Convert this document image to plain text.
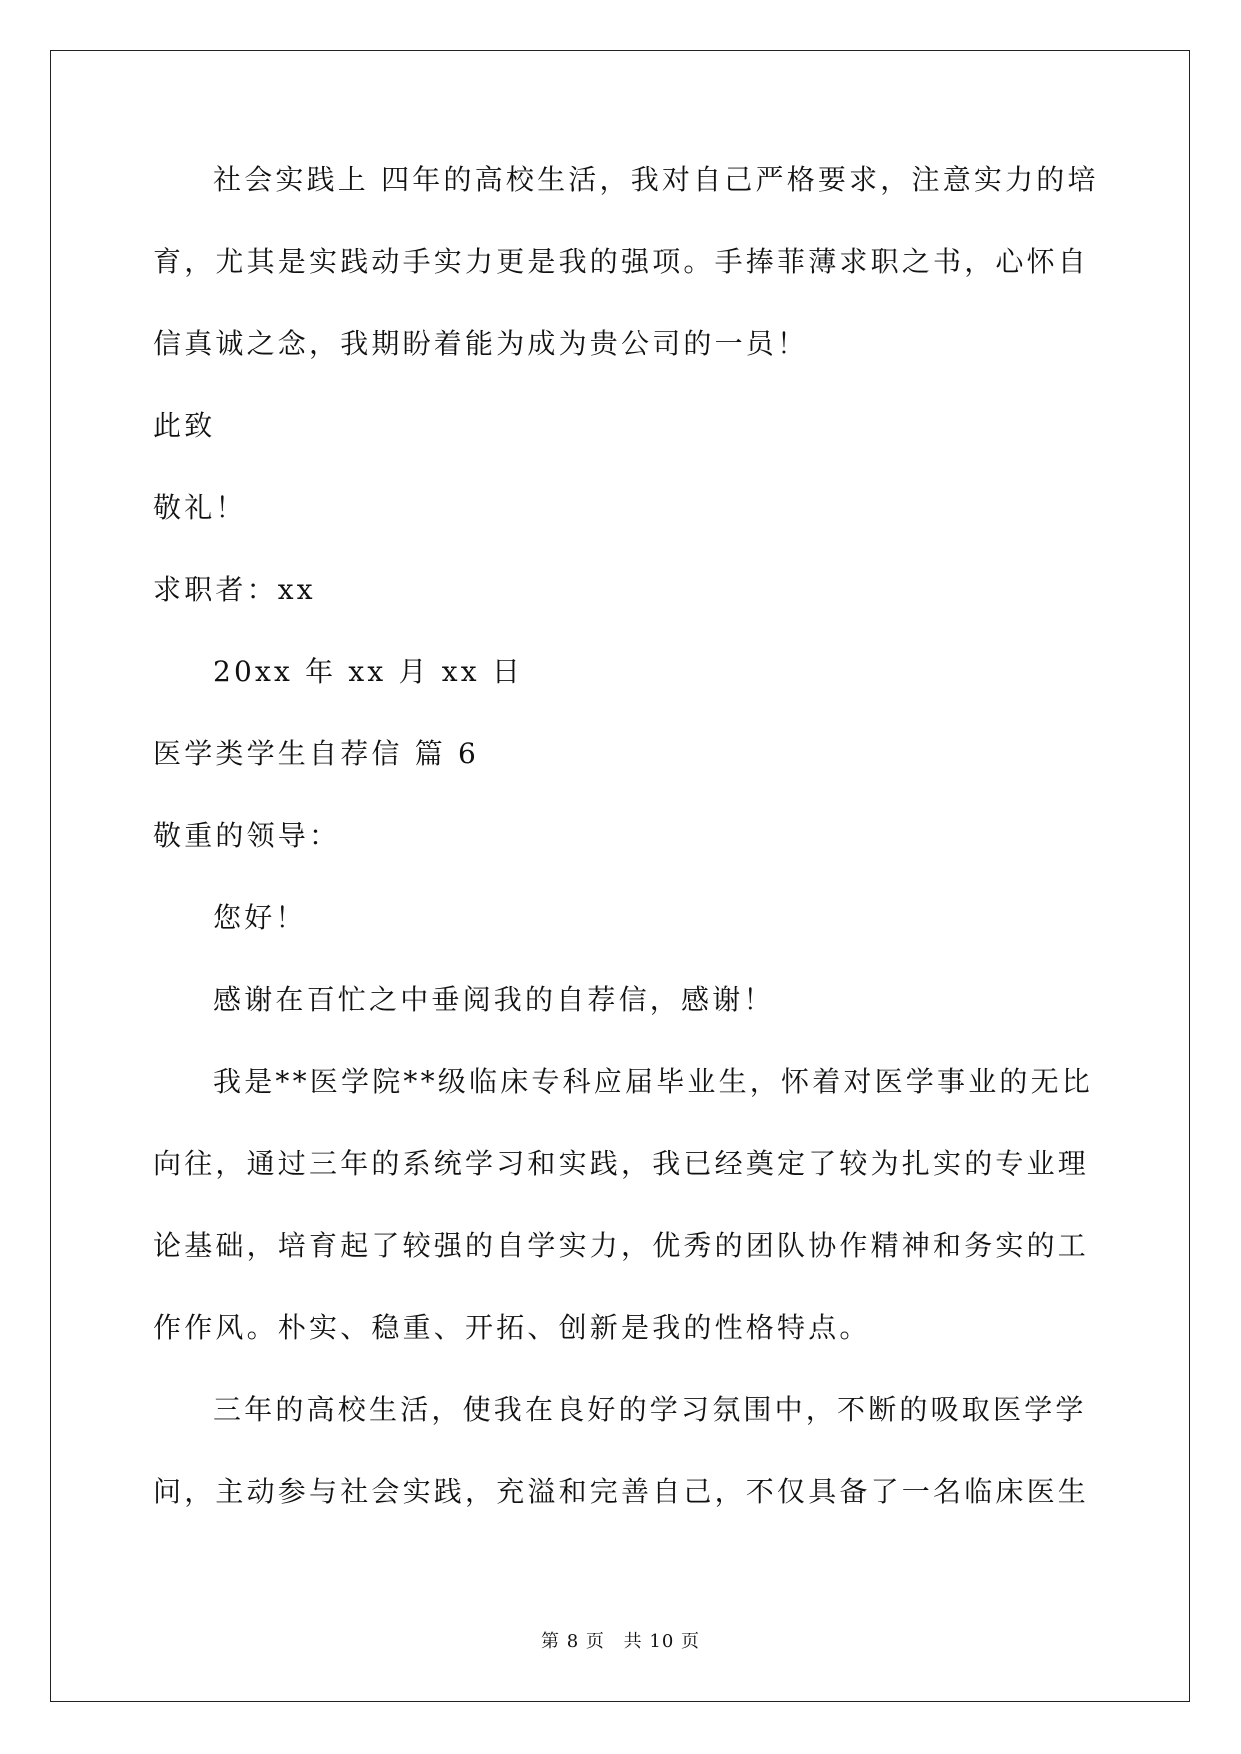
社会实践上 四年的高校生活，我对自己严格要求，注意实力的培
育，尤其是实践动手实力更是我的强项。手捧菲薄求职之书，心怀自
信真诚之念，我期盼着能为成为贵公司的一员！
此致
敬礼！
求职者：xx
20xx 年 xx 月 xx 日
医学类学生自荐信 篇 6
敬重的领导：
您好！
感谢在百忙之中垂阅我的自荐信，感谢！
我是**医学院**级临床专科应届毕业生，怀着对医学事业的无比
向往，通过三年的系统学习和实践，我已经奠定了较为扎实的专业理
论基础，培育起了较强的自学实力，优秀的团队协作精神和务实的工
作作风。朴实、稳重、开拓、创新是我的性格特点。
三年的高校生活，使我在良好的学习氛围中，不断的吸取医学学
问，主动参与社会实践，充溢和完善自己，不仅具备了一名临床医生
第 8 页 共 10 页
